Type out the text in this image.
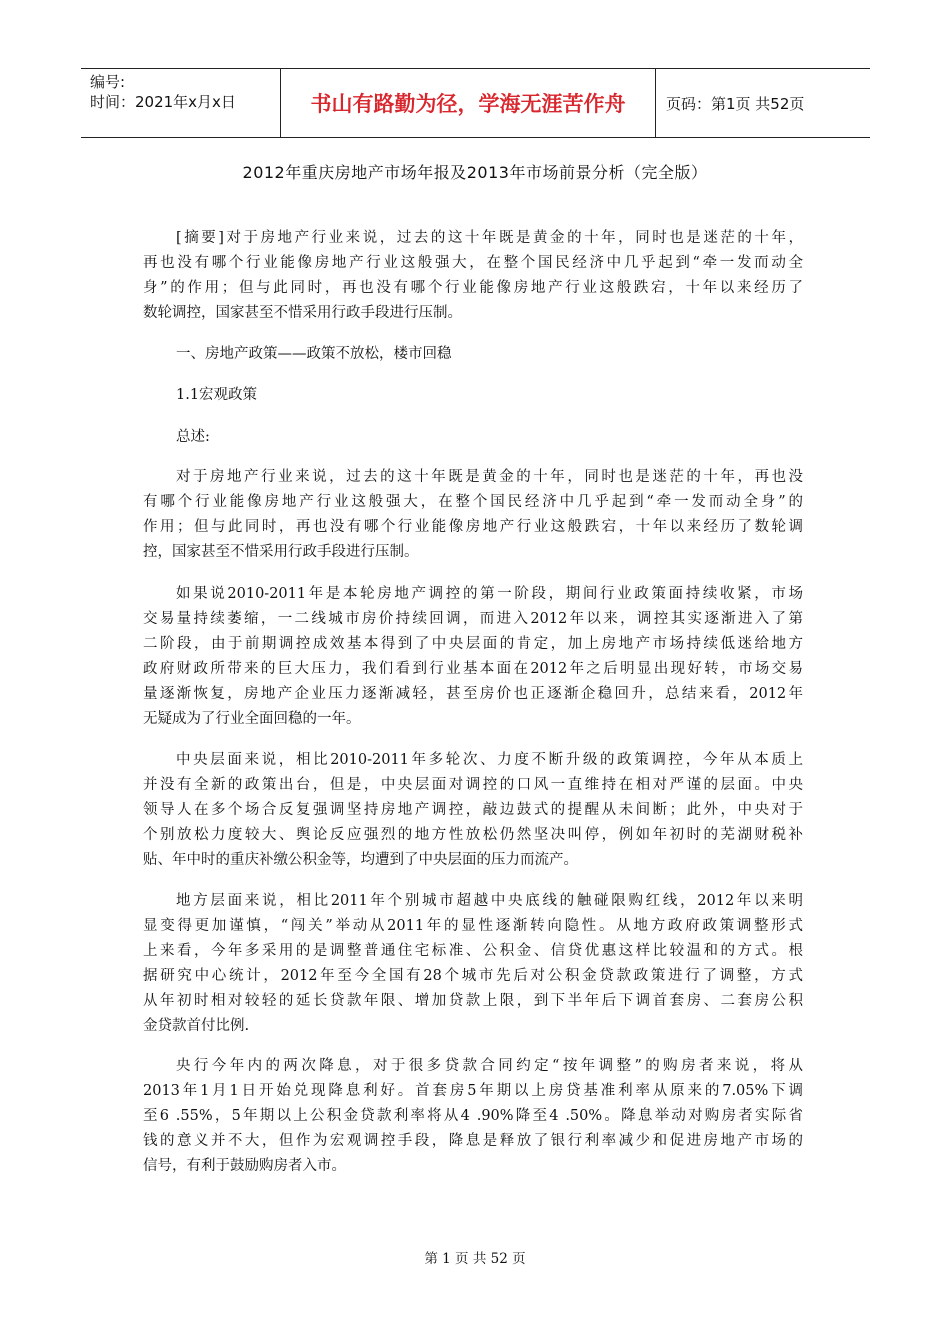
编号:
时间：2021年x月x日	书山有路勤为径，学海无涯苦作舟	页码：第1页 共52页
2012年重庆房地产市场年报及2013年市场前景分析（完全版）
[摘要]对于房地产行业来说，过去的这十年既是黄金的十年，同时也是迷茫的十年，
再也没有哪个行业能像房地产行业这般强大，在整个国民经济中几乎起到“牵一发而动全
身”的作用；但与此同时，再也没有哪个行业能像房地产行业这般跌宕，十年以来经历了
数轮调控，国家甚至不惜采用行政手段进行压制。
一、房地产政策——政策不放松，楼市回稳
1.1宏观政策
总述:
对于房地产行业来说，过去的这十年既是黄金的十年，同时也是迷茫的十年，再也没
有哪个行业能像房地产行业这般强大，在整个国民经济中几乎起到“牵一发而动全身”的
作用；但与此同时，再也没有哪个行业能像房地产行业这般跌宕，十年以来经历了数轮调
控，国家甚至不惜采用行政手段进行压制。
如果说2010-2011年是本轮房地产调控的第一阶段，期间行业政策面持续收紧，市场
交易量持续萎缩，一二线城市房价持续回调，而进入2012年以来，调控其实逐渐进入了第
二阶段，由于前期调控成效基本得到了中央层面的肯定，加上房地产市场持续低迷给地方
政府财政所带来的巨大压力，我们看到行业基本面在2012年之后明显出现好转，市场交易
量逐渐恢复，房地产企业压力逐渐减轻，甚至房价也正逐渐企稳回升，总结来看，2012年
无疑成为了行业全面回稳的一年。
中央层面来说，相比2010-2011年多轮次、力度不断升级的政策调控，今年从本质上
并没有全新的政策出台，但是，中央层面对调控的口风一直维持在相对严谨的层面。中央
领导人在多个场合反复强调坚持房地产调控，敲边鼓式的提醒从未间断；此外，中央对于
个别放松力度较大、舆论反应强烈的地方性放松仍然坚决叫停，例如年初时的芜湖财税补
贴、年中时的重庆补缴公积金等，均遭到了中央层面的压力而流产。
地方层面来说，相比2011年个别城市超越中央底线的触碰限购红线，2012年以来明
显变得更加谨慎，“闯关”举动从2011年的显性逐渐转向隐性。从地方政府政策调整形式
上来看，今年多采用的是调整普通住宅标准、公积金、信贷优惠这样比较温和的方式。根
据研究中心统计，2012年至今全国有28个城市先后对公积金贷款政策进行了调整，方式
从年初时相对较轻的延长贷款年限、增加贷款上限，到下半年后下调首套房、二套房公积
金贷款首付比例.
央行今年内的两次降息，对于很多贷款合同约定“按年调整”的购房者来说，将从
2013年1月1日开始兑现降息利好。首套房5年期以上房贷基准利率从原来的7.05%下调
至6 .55%，5年期以上公积金贷款利率将从4 .90%降至4 .50%。降息举动对购房者实际省
钱的意义并不大，但作为宏观调控手段，降息是释放了银行利率减少和促进房地产市场的
信号，有利于鼓励购房者入市。
第 1 页 共 52 页
